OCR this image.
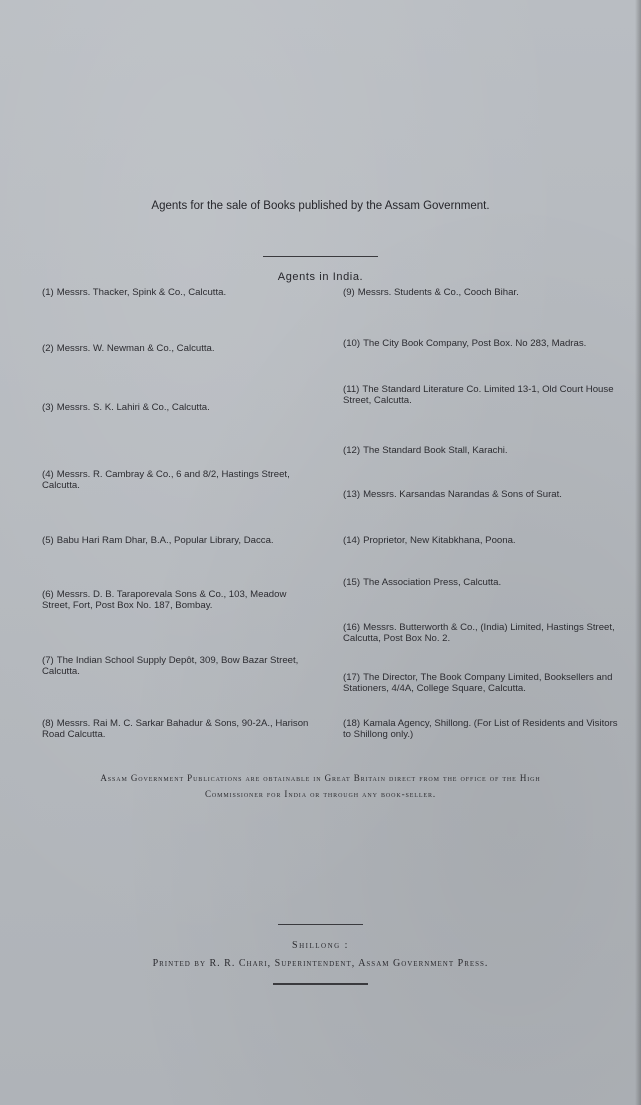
Agents for the sale of Books published by the Assam Government.
Agents in India.
(1) Messrs. Thacker, Spink & Co., Calcutta.
(2) Messrs. W. Newman & Co., Calcutta.
(3) Messrs. S. K. Lahiri & Co., Calcutta.
(4) Messrs. R. Cambray & Co., 6 and 8/2, Hastings Street, Calcutta.
(5) Babu Hari Ram Dhar, B.A., Popular Library, Dacca.
(6) Messrs. D. B. Taraporevala Sons & Co., 103, Meadow Street, Fort, Post Box No. 187, Bombay.
(7) The Indian School Supply Depôt, 309, Bow Bazar Street, Calcutta.
(8) Messrs. Rai M. C. Sarkar Bahadur & Sons, 90-2A., Harison Road Calcutta.
(9) Messrs. Students & Co., Cooch Bihar.
(10) The City Book Company, Post Box. No 283, Madras.
(11) The Standard Literature Co. Limited 13-1, Old Court House Street, Calcutta.
(12) The Standard Book Stall, Karachi.
(13) Messrs. Karsandas Narandas & Sons of Surat.
(14) Proprietor, New Kitabkhana, Poona.
(15) The Association Press, Calcutta.
(16) Messrs. Butterworth & Co., (India) Limited, Hastings Street, Calcutta, Post Box No. 2.
(17) The Director, The Book Company Limited, Booksellers and Stationers, 4/4A, College Square, Calcutta.
(18) Kamala Agency, Shillong. (For List of Residents and Visitors to Shillong only.)
Assam Government Publications are obtainable in Great Britain direct from the office of the High
Commissioner for India or through any book-seller.
Shillong :
Printed by R. R. Chari, Superintendent, Assam Government Press.
